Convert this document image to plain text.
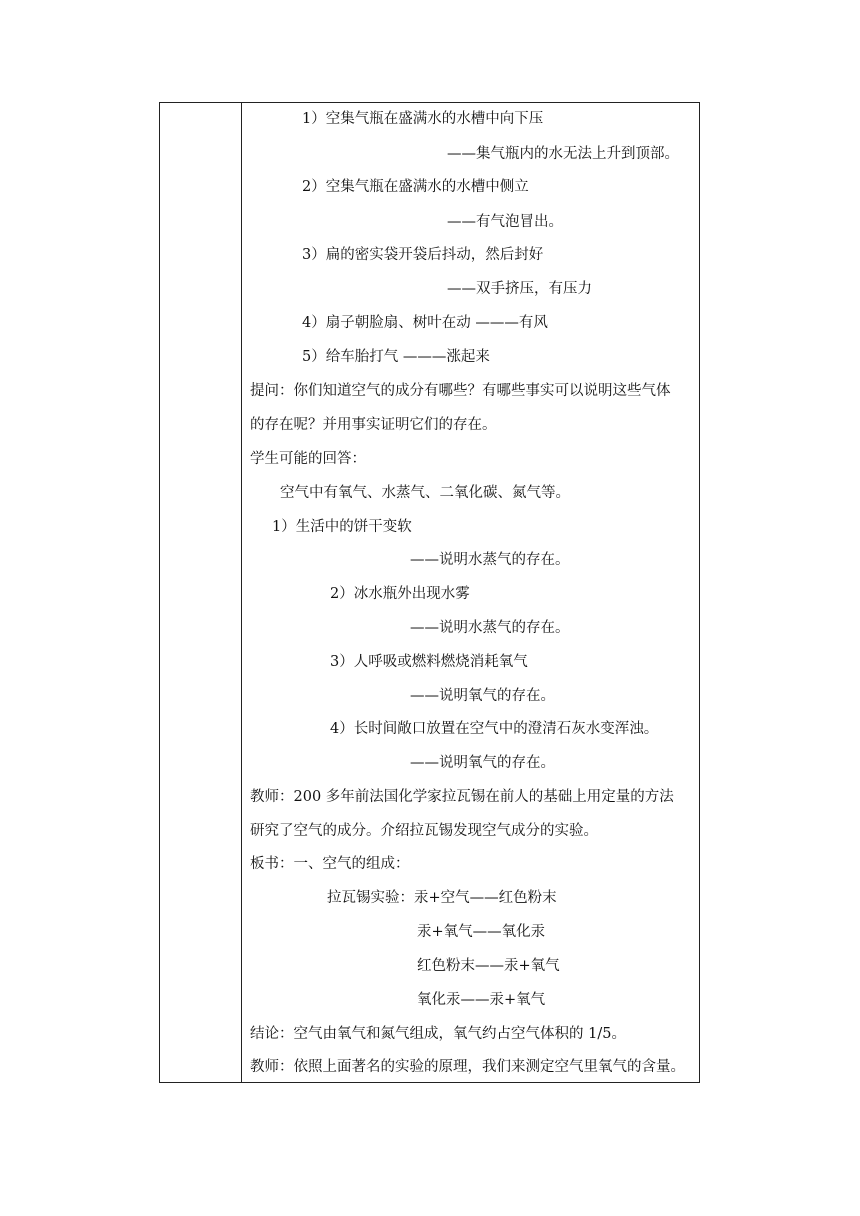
1）空集气瓶在盛满水的水槽中向下压
——集气瓶内的水无法上升到顶部。
2）空集气瓶在盛满水的水槽中侧立
——有气泡冒出。
3）扁的密实袋开袋后抖动，然后封好
——双手挤压，有压力
4）扇子朝脸扇、树叶在动 ———有风
5）给车胎打气 ———涨起来
提问：你们知道空气的成分有哪些？有哪些事实可以说明这些气体
的存在呢？并用事实证明它们的存在。
学生可能的回答：
空气中有氧气、水蒸气、二氧化碳、氮气等。
1）生活中的饼干变软
——说明水蒸气的存在。
2）冰水瓶外出现水雾
——说明水蒸气的存在。
3）人呼吸或燃料燃烧消耗氧气
——说明氧气的存在。
4）长时间敞口放置在空气中的澄清石灰水变浑浊。
——说明氧气的存在。
教师：200 多年前法国化学家拉瓦锡在前人的基础上用定量的方法
研究了空气的成分。介绍拉瓦锡发现空气成分的实验。
板书：一、空气的组成：
拉瓦锡实验：汞+空气——红色粉末
汞+氧气——氧化汞
红色粉末——汞+氧气
氧化汞——汞+氧气
结论：空气由氧气和氮气组成，氧气约占空气体积的 1/5。
教师：依照上面著名的实验的原理，我们来测定空气里氧气的含量。
